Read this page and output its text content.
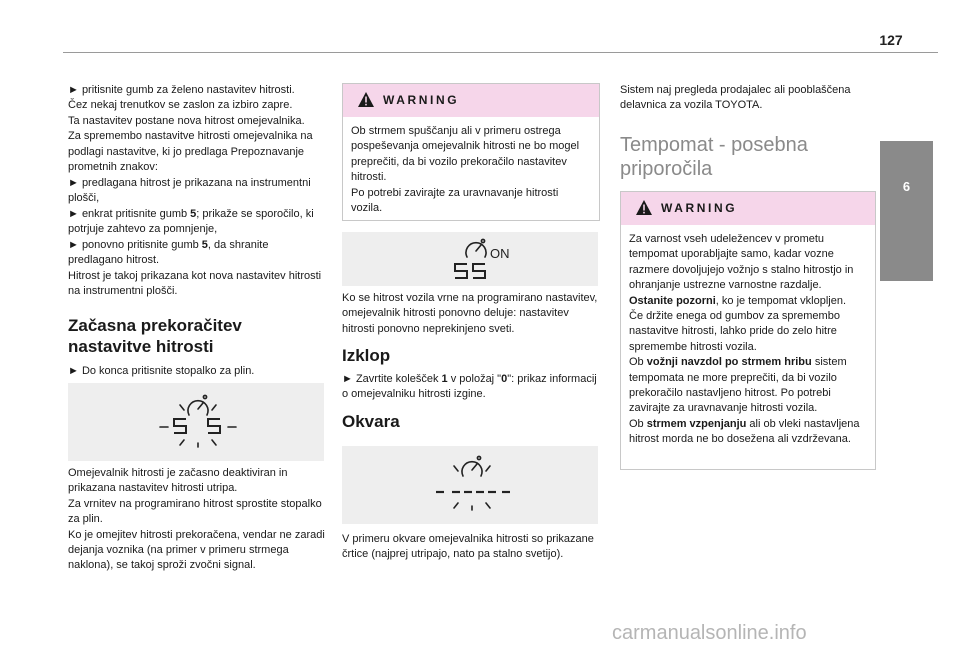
127
6
Vožnja
► pritisnite gumb za želeno nastavitev hitrosti.
Čez nekaj trenutkov se zaslon za izbiro zapre.
Ta nastavitev postane nova hitrost omejevalnika.
Za spremembo nastavitve hitrosti omejevalnika na podlagi nastavitve, ki jo predlaga Prepoznavanje prometnih znakov:
► predlagana hitrost je prikazana na instrumentni plošči,
► enkrat pritisnite gumb 5; prikaže se sporočilo, ki potrjuje zahtevo za pomnjenje,
► ponovno pritisnite gumb 5, da shranite predlagano hitrost.
Hitrost je takoj prikazana kot nova nastavitev hitrosti na instrumentni plošči.
Začasna prekoračitev nastavitve hitrosti
► Do konca pritisnite stopalko za plin.
Omejevalnik hitrosti je začasno deaktiviran in prikazana nastavitev hitrosti utripa.
Za vrnitev na programirano hitrost sprostite stopalko za plin.
Ko je omejitev hitrosti prekoračena, vendar ne zaradi dejanja voznika (na primer v primeru strmega naklona), se takoj sproži zvočni signal.
WARNING
Ob strmem spuščanju ali v primeru ostrega pospeševanja omejevalnik hitrosti ne bo mogel preprečiti, da bi vozilo prekoračilo nastavitev hitrosti.
Po potrebi zavirajte za uravnavanje hitrosti vozila.
ON
Ko se hitrost vozila vrne na programirano nastavitev, omejevalnik hitrosti ponovno deluje: nastavitev hitrosti ponovno neprekinjeno sveti.
Izklop
► Zavrtite kolešček 1 v položaj "0": prikaz informacij o omejevalniku hitrosti izgine.
Okvara
V primeru okvare omejevalnika hitrosti so prikazane črtice (najprej utripajo, nato pa stalno svetijo).
Sistem naj pregleda prodajalec ali pooblaščena delavnica za vozila TOYOTA.
Tempomat - posebna priporočila
WARNING
Za varnost vseh udeležencev v prometu tempomat uporabljajte samo, kadar vozne razmere dovoljujejo vožnjo s stalno hitrostjo in ohranjanje ustrezne varnostne razdalje.
Ostanite pozorni, ko je tempomat vklopljen.
Če držite enega od gumbov za spremembo nastavitve hitrosti, lahko pride do zelo hitre spremembe hitrosti vozila.
Ob vožnji navzdol po strmem hribu sistem tempomata ne more preprečiti, da bi vozilo prekoračilo nastavljeno hitrost. Po potrebi zavirajte za uravnavanje hitrosti vozila.
Ob strmem vzpenjanju ali ob vleki nastavljena hitrost morda ne bo dosežena ali vzdrževana.
carmanualsonline.info
